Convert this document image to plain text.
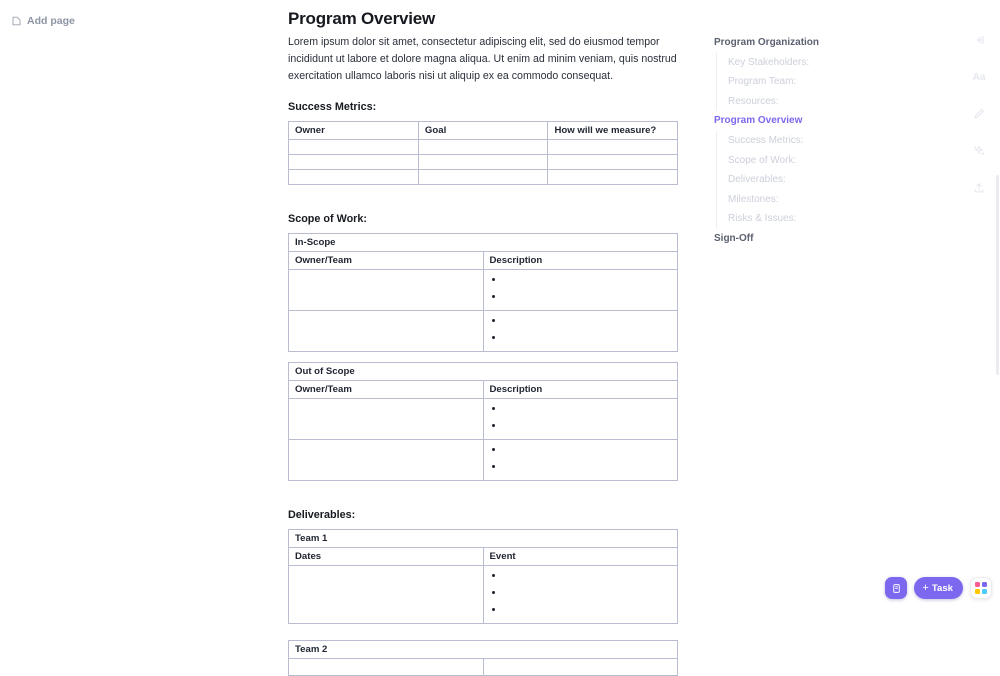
Add page	Program Overview
Lorem ipsum dolor sit amet, consectetur adipiscing elit, sed do eiusmod tempor incididunt ut labore et dolore magna aliqua. Ut enim ad minim veniam, quis nostrud exercitation ullamco laboris nisi ut aliquip ex ea commodo consequat.
Success Metrics:
Owner	Goal	How will we measure?

Scope of Work:
In-Scope	
Owner/Team	Description

Out of Scope	
Owner/Team	Description

Deliverables:
Team 1	
Dates	Event

Team 2

Program Organization
Key Stakeholders:
Program Team:
Resources:
Program Overview
Success Metrics:
Scope of Work:
Deliverables:
Milestones:
Risks & Issues:
Sign-Off
Aa
+ Task
